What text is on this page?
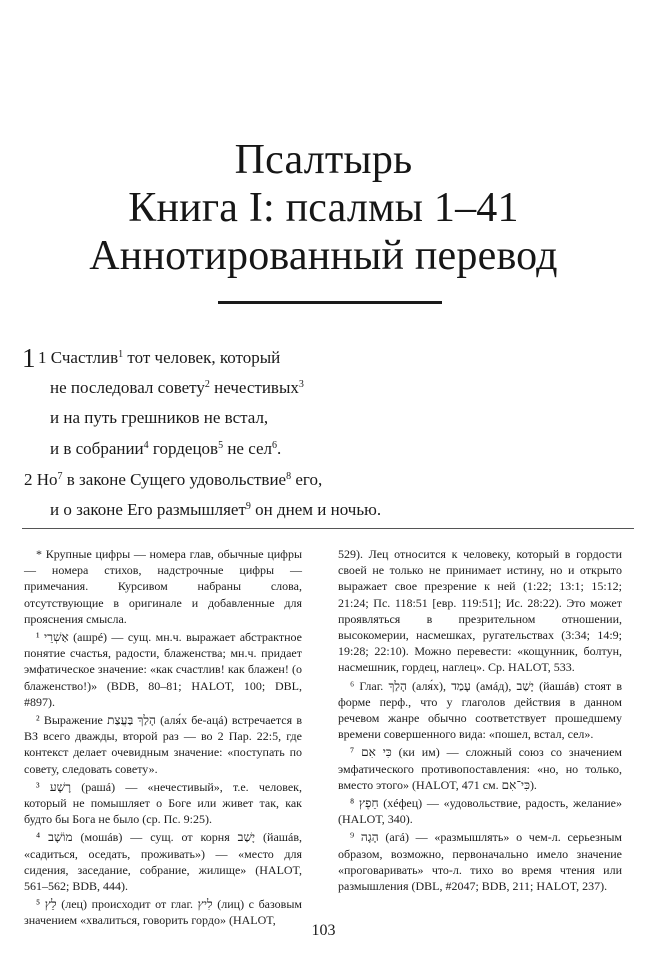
Псалтырь
Книга I: псалмы 1–41
Аннотированный перевод
1 1 Счастлив$^1$ тот человек, который
не последовал совету$^2$ нечестивых$^3$
и на путь грешников не встал,
и в собрании$^4$ гордецов$^5$ не сел$^6$.
2 $Но^7$ в законе Сущего удовольствие$^8$ его,
и о законе Его размышляет$^9$ он днем и ночью.

* Крупные цифры — номера глав, обычные цифры — номера стихов, надстрочные цифры — примечания. Курсивом набраны слова, отсутствующие в оригинале и добавленные для прояснения смысла.

¹ אַשְׁרֵי (ашрé) — сущ. мн.ч. выражает абстрактное понятие счастья, радости, блаженства; мн.ч. придает эмфатическое значение: «как счастлив! как блажен! (о блаженство!)» (BDB, 80–81; HALOT, 100; DBL, #897).

² Выражение הָלַךְ בַּעֲצַת (аля́х бе-ацá) встречается в ВЗ всего дважды, второй раз — во 2 Пар. 22:5, где контекст делает очевидным значение: «поступать по совету, следовать совету».

³ רָשָׁע (рашá) — «нечестивый», т.е. человек, который не помышляет о Боге или живет так, как будто бы Бога не было (ср. Пс. 9:25).

⁴ מוֹשָׁב (мошáв) — сущ. от корня יָשַׁב (йашáв, «садиться, оседать, проживать») — «место для сидения, заседание, собрание, жилище» (HALOT, 561–562; BDB, 444).

⁵ לֵץ (лец) происходит от глаг. לִיץ (лиц) с базовым значением «хвалиться, говорить гордо» (HALOT,

529). Лец относится к человеку, который в гордости своей не только не принимает истину, но и открыто выражает свое презрение к ней (1:22; 13:1; 15:12; 21:24; Пс. 118:51 [евр. 119:51]; Ис. 28:22). Это может проявляться в презрительном отношении, высокомерии, насмешках, ругательствах (3:34; 14:9; 19:28; 22:10). Можно перевести: «кощунник, болтун, насмешник, гордец, наглец». Ср. HALOT, 533.

⁶ Глаг. הָלַךְ (аля́х), עָמַד (амáд), יָשַׁב (йашáв) стоят в форме перф., что у глаголов действия в данном речевом жанре обычно соответствует прошедшему времени совершенного вида: «пошел, встал, сел».

⁷ כִּי אִם (ки им) — сложный союз со значением эмфатического противопоставления: «но, но только, вместо этого» (HALOT, 471 см. כִּי־אִם).

⁸ חֵפֶץ (хéфец) — «удовольствие, радость, желание» (HALOT, 340).

⁹ הָגָה (агá) — «размышлять» о чем-л. серьезным образом, возможно, первоначально имело значение «проговаривать» что-л. тихо во время чтения или размышления (DBL, #2047; BDB, 211; HALOT, 237).

103
